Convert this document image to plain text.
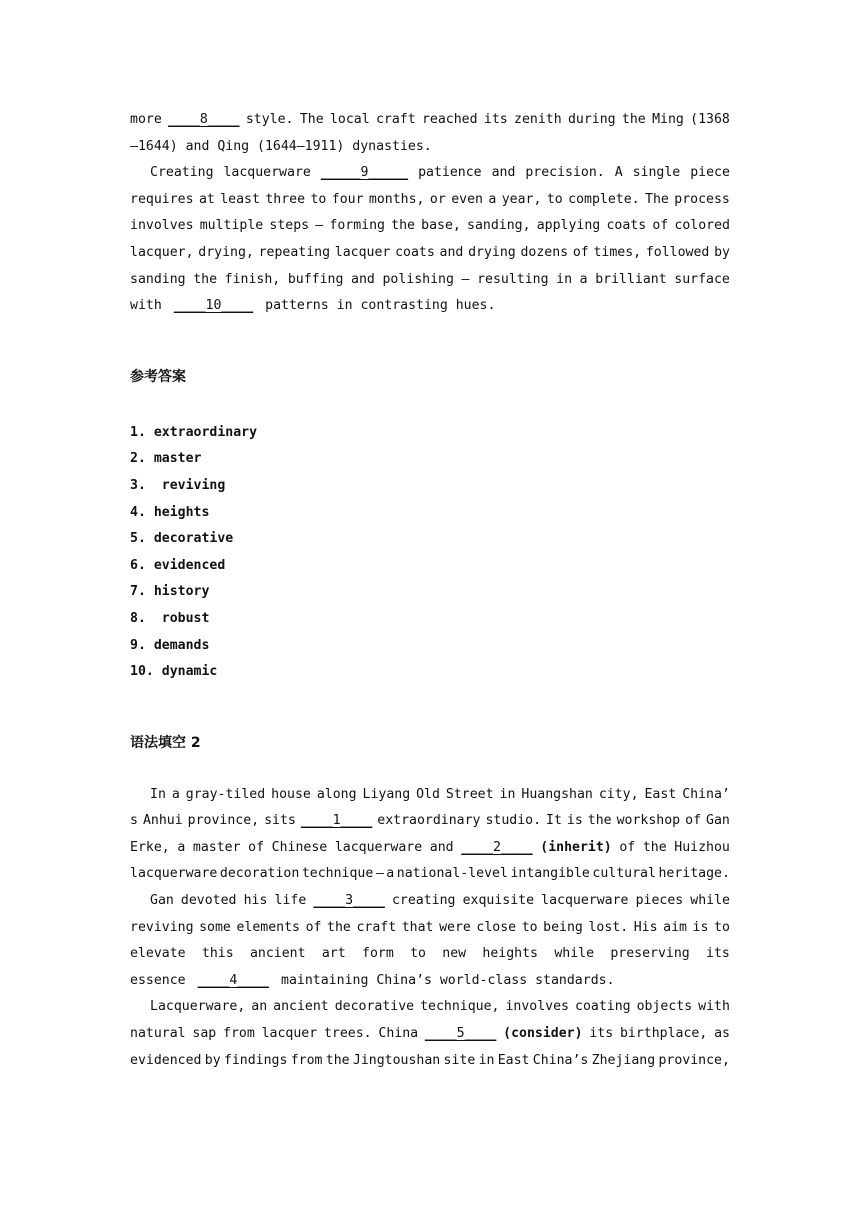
more ____8____ style. The local craft reached its zenith during the Ming (1368
–1644) and Qing (1644–1911) dynasties.
Creating lacquerware _____9_____ patience and precision. A single piece
requires at least three to four months, or even a year, to complete. The process
involves multiple steps — forming the base, sanding, applying coats of colored
lacquer, drying, repeating lacquer coats and drying dozens of times, followed by
sanding the finish, buffing and polishing — resulting in a brilliant surface
with ____10____ patterns in contrasting hues.
参考答案
1. extraordinary
2. master
3.  reviving
4. heights
5. decorative
6. evidenced
7. history
8.  robust
9. demands
10. dynamic
语法填空 2
In a gray-tiled house along Liyang Old Street in Huangshan city, East China’
s Anhui province, sits ____1____ extraordinary studio. It is the workshop of Gan
Erke, a master of Chinese lacquerware and ____2____ (inherit) of the Huizhou
lacquerware decoration technique — a national-level intangible cultural heritage.
Gan devoted his life ____3____ creating exquisite lacquerware pieces while
reviving some elements of the craft that were close to being lost. His aim is to
elevate this ancient art form to new heights while preserving its
essence ____4____ maintaining China’s world-class standards.
Lacquerware, an ancient decorative technique, involves coating objects with
natural sap from lacquer trees. China ____5____ (consider) its birthplace, as
evidenced by findings from the Jingtoushan site in East China’s Zhejiang province,
